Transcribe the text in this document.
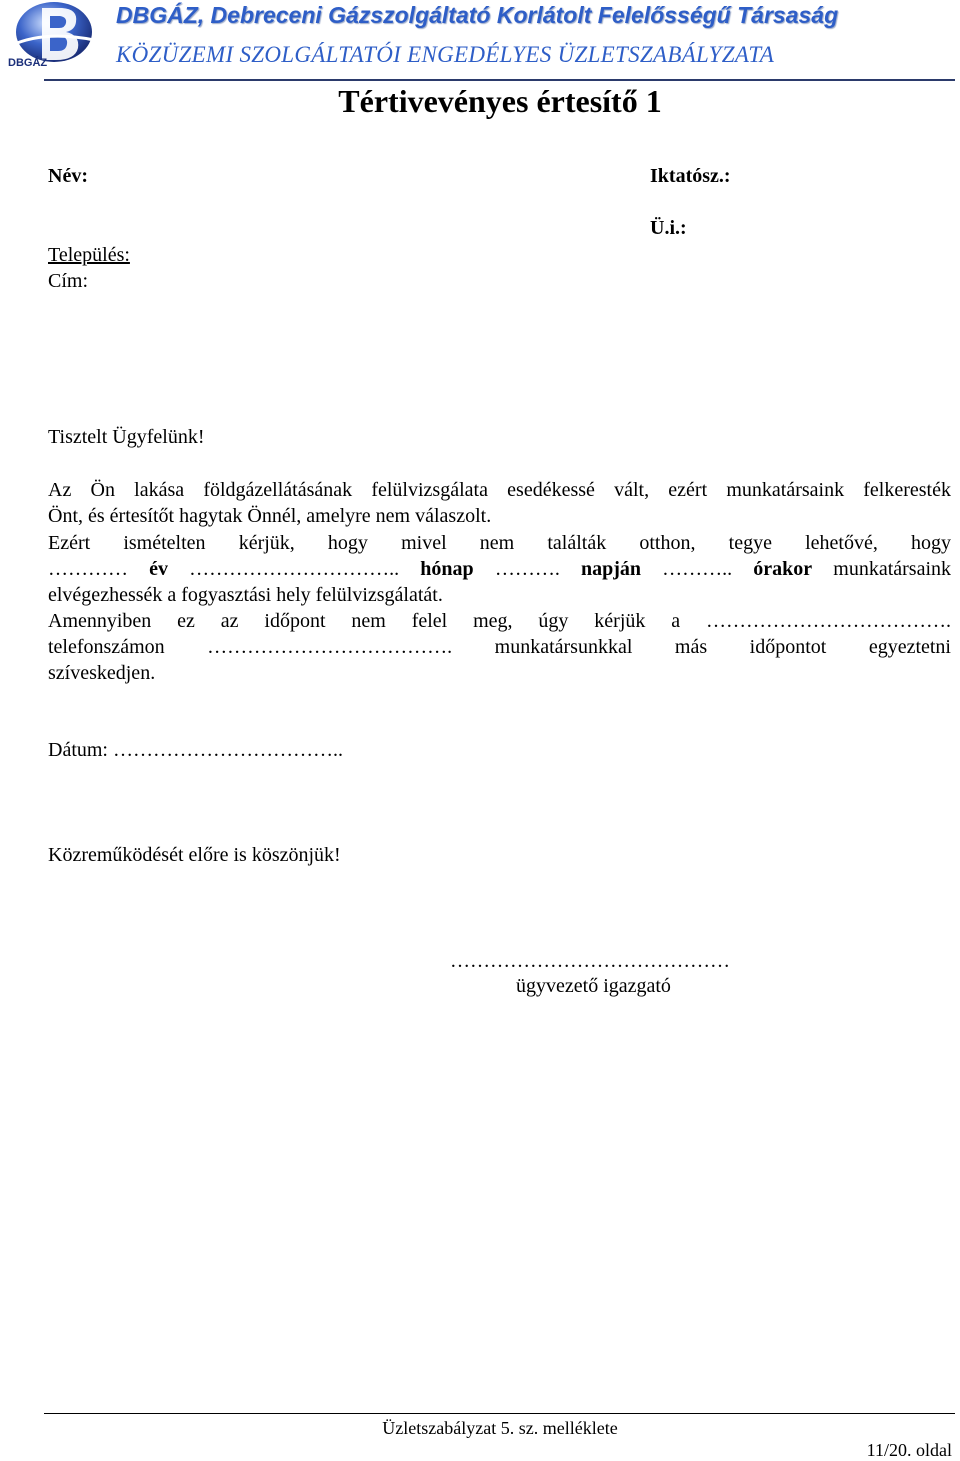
DBGÁZ
DBGÁZ, Debreceni Gázszolgáltató Korlátolt Felelősségű Társaság
KÖZÜZEMI SZOLGÁLTATÓI ENGEDÉLYES ÜZLETSZABÁLYZATA
Tértivevényes értesítő 1
Név:	Iktatósz.:
Ü.i.:
Település:
Cím:
Tisztelt Ügyfelünk!
Az Ön lakása földgázellátásának felülvizsgálata esedékessé vált, ezért munkatársaink felkeresték
Önt, és értesítőt hagytak Önnél, amelyre nem válaszolt.
Ezért ismételten kérjük, hogy mivel nem találták otthon, tegye lehetővé, hogy
………… év ………………………….. hónap ………. napján ……….. órakor munkatársaink
elvégezhessék a fogyasztási hely felülvizsgálatát.
Amennyiben ez az időpont nem felel meg, úgy kérjük a ……………………………….
telefonszámon ………………………………. munkatársunkkal más időpontot egyeztetni
szíveskedjen.
Dátum: ……………………………..
Közreműködését előre is köszönjük!
……………………………………
ügyvezető igazgató
Üzletszabályzat 5. sz. melléklete
11/20. oldal
